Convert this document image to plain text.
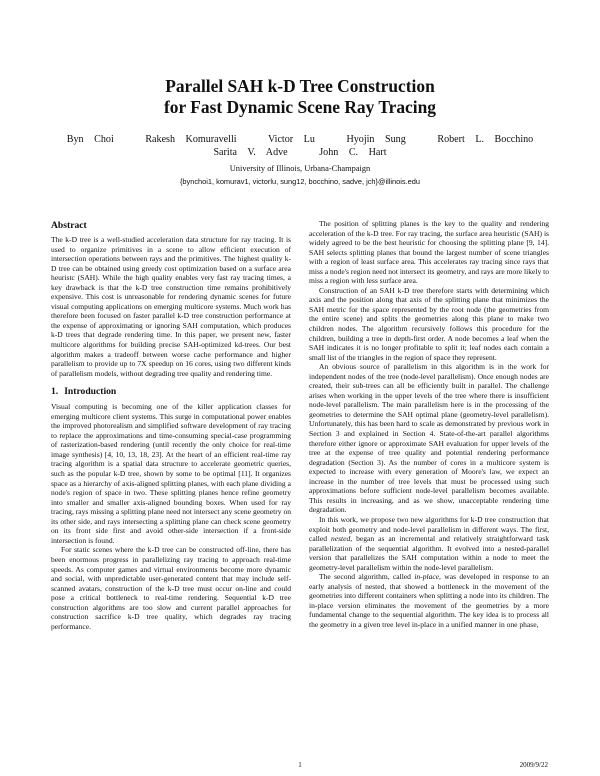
Parallel SAH k-D Tree Construction
for Fast Dynamic Scene Ray Tracing
Byn Choi   Rakesh Komuravelli   Victor Lu   Hyojin Sung   Robert L. Bocchino
Sarita V. Adve   John C. Hart
University of Illinois, Urbana-Champaign
{bynchoi1, komurav1, victorlu, sung12, bocchino, sadve, jch}@illinois.edu
Abstract

The k-D tree is a well-studied acceleration data structure for ray tracing. It is used to organize primitives in a scene to allow efficient execution of intersection operations between rays and the primitives. The highest quality k-D tree can be obtained using greedy cost optimization based on a surface area heuristc (SAH). While the high quality enables very fast ray tracing times, a key drawback is that the k-D tree construction time remains prohibitively expensive. This cost is unreasonable for rendering dynamic scenes for future visual computing applications on emerging multicore systems. Much work has therefore been focused on faster parallel k-D tree construction performance at the expense of approximating or ignoring SAH computation, which produces k-D trees that degrade rendering time. In this paper, we present new, faster multicore algorithms for building precise SAH-optimized kd-trees. Our best algorithm makes a tradeoff between worse cache performance and higher parallelism to provide up to 7X speedup on 16 cores, using two different kinds of parallelism models, without degrading tree quality and rendering time.

1. Introduction

Visual computing is becoming one of the killer application classes for emerging multicore client systems. This surge in computational power enables the improved photorealism and simplified software development of ray tracing to replace the approximations and time-consuming special-case programming of rasterization-based rendering (until recently the only choice for real-time image synthesis) [4, 10, 13, 18, 23]. At the heart of an efficient real-time ray tracing algorithm is a spatial data structure to accelerate geometric queries, such as the popular k-D tree, shown by some to be optimal [11]. It organizes space as a hierarchy of axis-aligned splitting planes, with each plane dividing a node's region of space in two. These splitting planes hence refine geometry into smaller and smaller axis-aligned bounding boxes. When used for ray tracing, rays missing a splitting plane need not intersect any scene geometry on its other side, and rays intersecting a splitting plane can check scene geometry on its front side first and avoid other-side intersection if a front-side intersection is found.

For static scenes where the k-D tree can be constructed off-line, there has been enormous progress in parallelizing ray tracing to approach real-time speeds. As computer games and virtual environments become more dynamic and social, with unpredictable user-generated content that may include self-scanned avatars, construction of the k-D tree must occur on-line and could pose a critical bottleneck to real-time rendering. Sequential k-D tree construction algorithms are too slow and current parallel approaches for construction sacrifice k-D tree quality, which degrades ray tracing performance.

The position of splitting planes is the key to the quality and rendering acceleration of the k-D tree. For ray tracing, the surface area heuristic (SAH) is widely agreed to be the best heuristic for choosing the splitting plane [9, 14]. SAH selects splitting planes that bound the largest number of scene triangles with a region of least surface area. This accelerates ray tracing since rays that miss a node's region need not intersect its geometry, and rays are more likely to miss a region with less surface area.

Construction of an SAH k-D tree therefore starts with determining which axis and the position along that axis of the splitting plane that minimizes the SAH metric for the space represented by the root node (the geometries from the entire scene) and splits the geometries along this plane to make two children nodes. The algorithm recursively follows this procedure for the children, building a tree in depth-first order. A node becomes a leaf when the SAH indicates it is no longer profitable to split it; leaf nodes each contain a small list of the triangles in the region of space they represent.

An obvious source of parallelism in this algorithm is in the work for independent nodes of the tree (node-level parallelism). Once enough nodes are created, their sub-trees can all be efficiently built in parallel. The challenge arises when working in the upper levels of the tree where there is insufficient node-level parallelism. The main parallelism here is in the processing of the geometries to determine the SAH optimal plane (geometry-level parallelism). Unfortunately, this has been hard to scale as demonstrated by previous work in Section 3 and explained in Section 4. State-of-the-art parallel algorithms therefore either ignore or approximate SAH evaluation for upper levels of the tree at the expense of tree quality and potential rendering performance degradation (Section 3). As the number of cores in a multicore system is expected to increase with every generation of Moore's law, we expect an increase in the number of tree levels that must be processed using such approximations before sufficient node-level parallelism becomes available. This results in increasing, and as we show, unacceptable rendering time degradation.

In this work, we propose two new algorithms for k-D tree construction that exploit both geometry and node-level parallelism in different ways. The first, called nested, began as an incremental and relatively straightforward task parallelization of the sequential algorithm. It evolved into a nested-parallel version that parallelizes the SAH computation within a node to meet the geometry-level parallelism within the node-level parallelism.

The second algorithm, called in-place, was developed in response to an early analysis of nested, that showed a bottleneck in the movement of the geometries into different containers when splitting a node into its children. The in-place version eliminates the movement of the geometries by a more fundamental change to the sequential algorithm. The key idea is to process all the geometry in a given tree level in-place in a unified manner in one phase,

1	2009/9/22
